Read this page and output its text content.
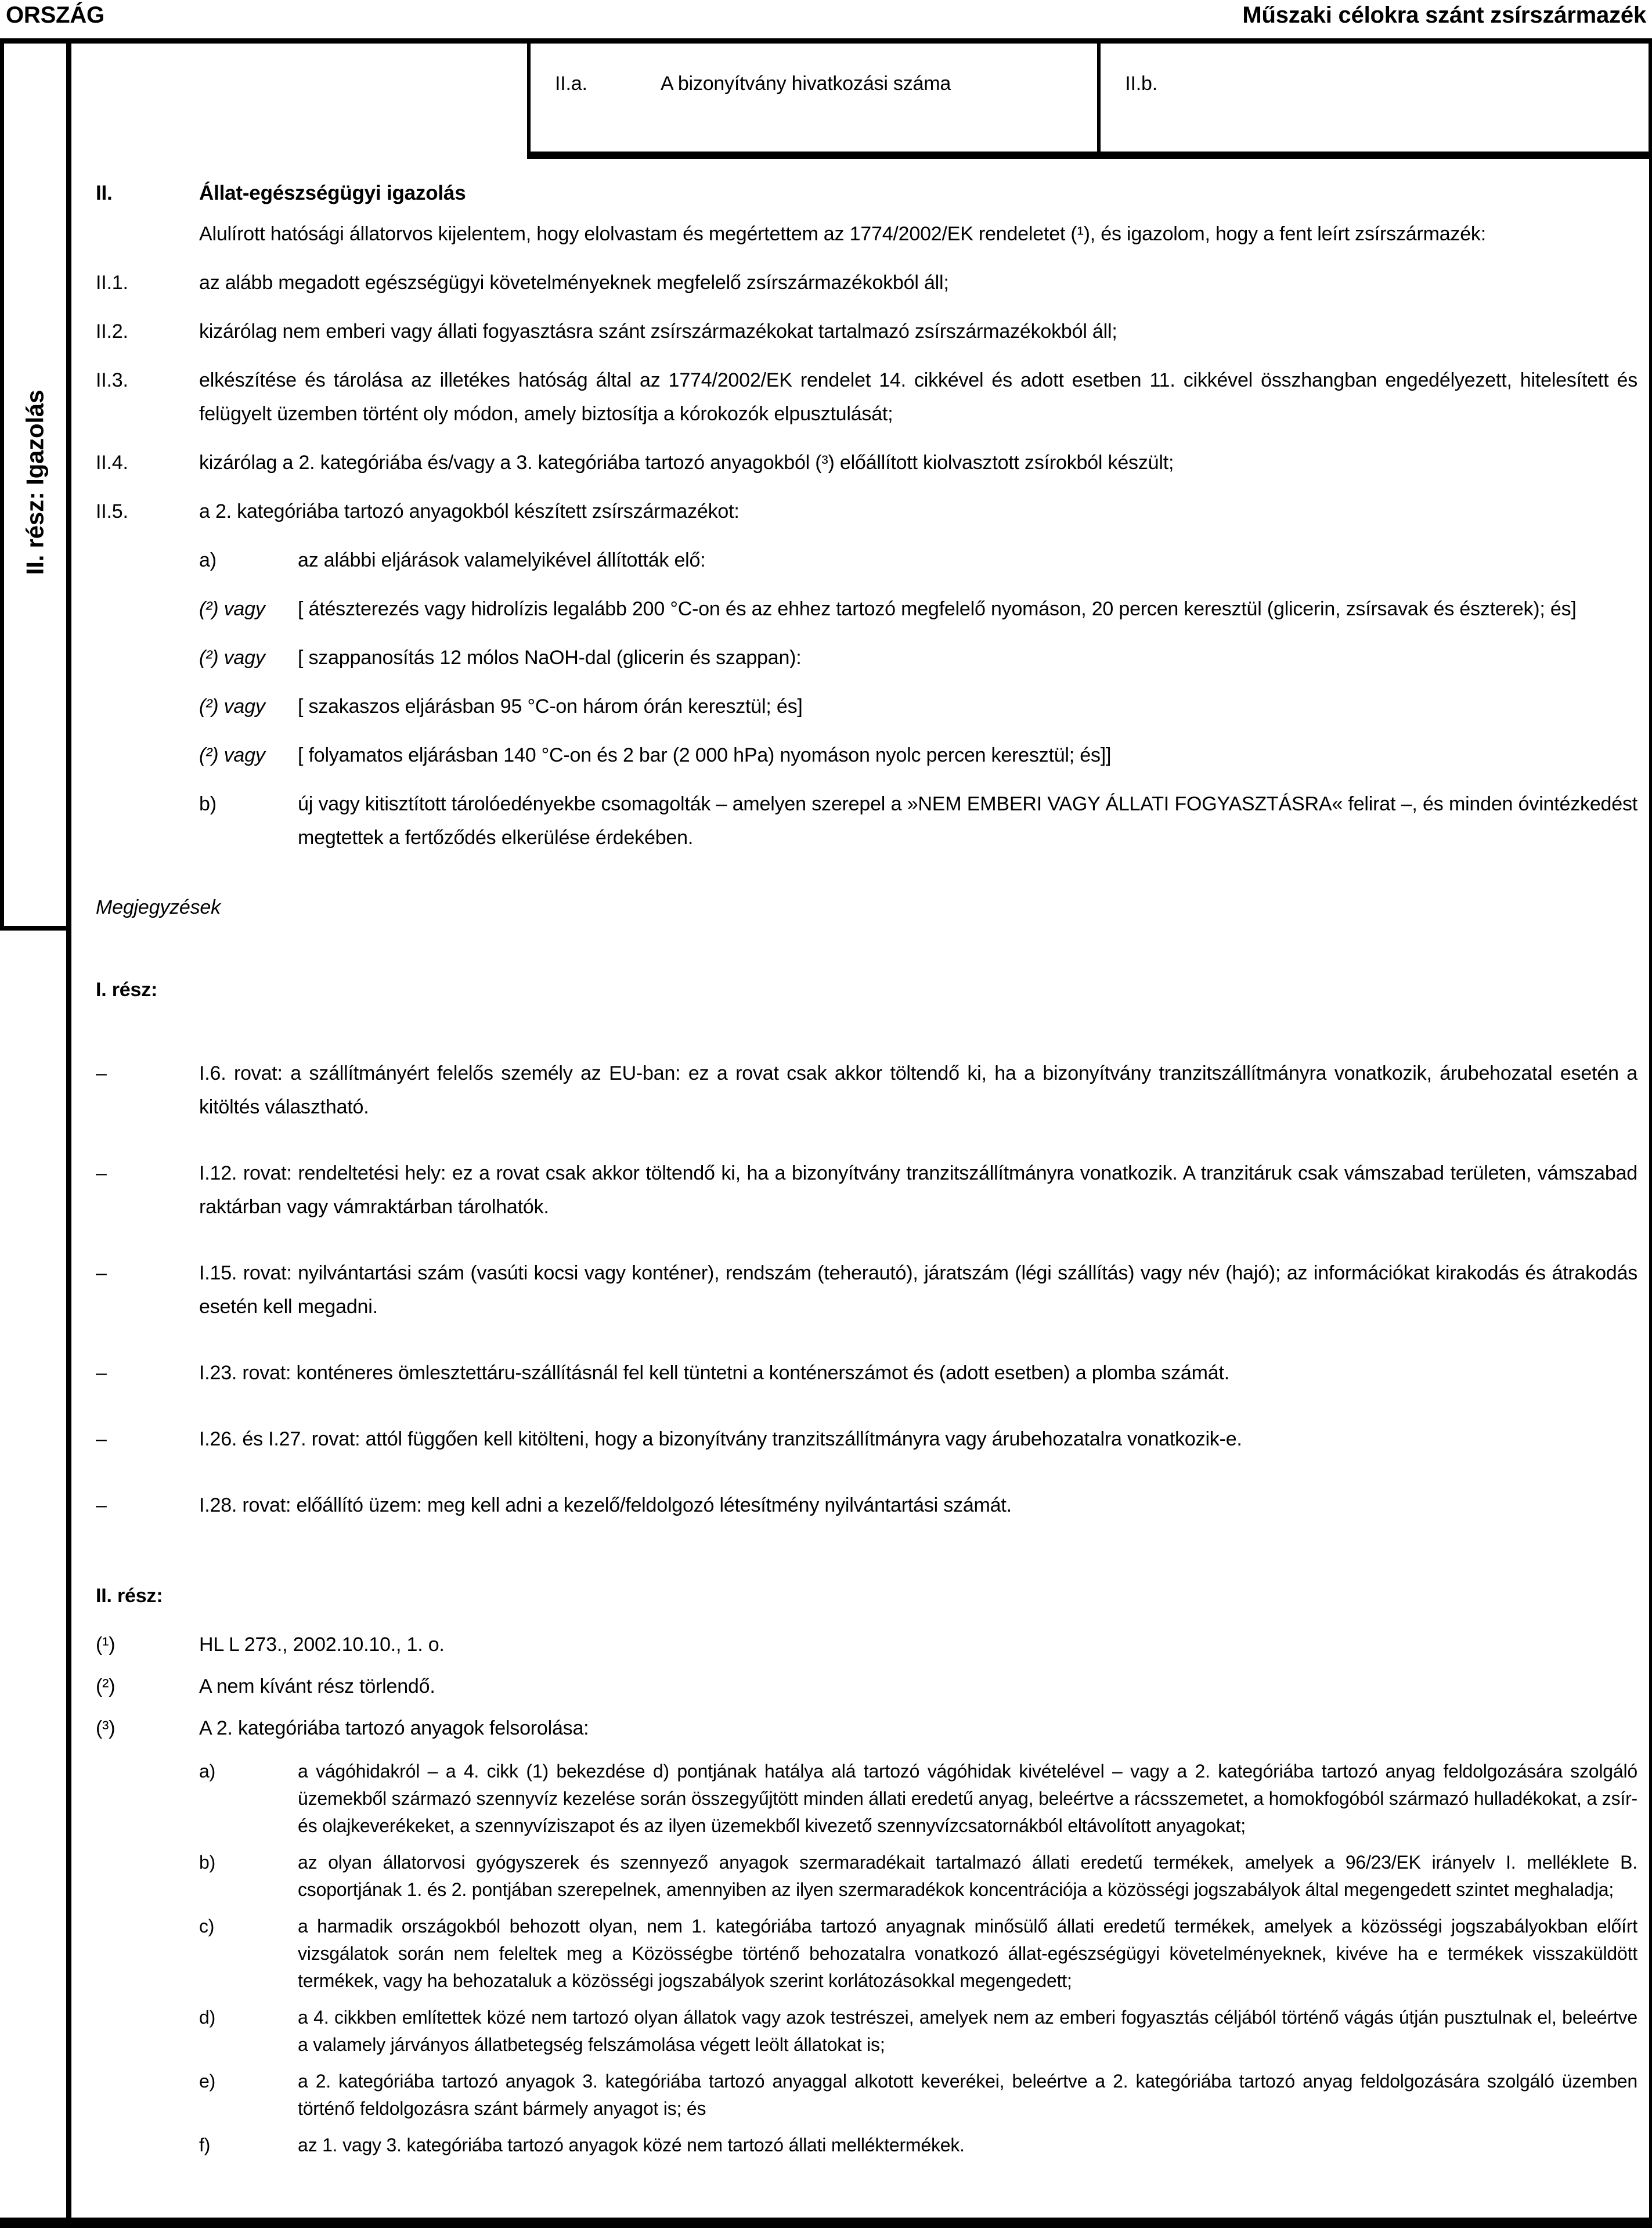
ORSZÁG	Műszaki célokra szánt zsírszármazék
II. rész: Igazolás
II.a.	A bizonyítvány hivatkozási száma	II.b.
II.	Állat-egészségügyi igazolás
Alulírott hatósági állatorvos kijelentem, hogy elolvastam és megértettem az 1774/2002/EK rendeletet (¹), és igazolom, hogy a fent leírt zsírszármazék:
II.1.	az alább megadott egészségügyi követelményeknek megfelelő zsírszármazékokból áll;
II.2.	kizárólag nem emberi vagy állati fogyasztásra szánt zsírszármazékokat tartalmazó zsírszármazékokból áll;
II.3.	elkészítése és tárolása az illetékes hatóság által az 1774/2002/EK rendelet 14. cikkével és adott esetben 11. cikkével összhangban engedélyezett, hitelesített és felügyelt üzemben történt oly módon, amely biztosítja a kórokozók elpusztulását;
II.4.	kizárólag a 2. kategóriába és/vagy a 3. kategóriába tartozó anyagokból (³) előállított kiolvasztott zsírokból készült;
II.5.	a 2. kategóriába tartozó anyagokból készített zsírszármazékot:
a)	az alábbi eljárások valamelyikével állították elő:
(²) vagy	[ átészterezés vagy hidrolízis legalább 200 °C-on és az ehhez tartozó megfelelő nyomáson, 20 percen keresztül (glicerin, zsírsavak és észterek); és]
(²) vagy	[ szappanosítás 12 mólos NaOH-dal (glicerin és szappan):
(²) vagy	[ szakaszos eljárásban 95 °C-on három órán keresztül; és]
(²) vagy	[ folyamatos eljárásban 140 °C-on és 2 bar (2 000 hPa) nyomáson nyolc percen keresztül; és]]
b)	új vagy kitisztított tárolóedényekbe csomagolták – amelyen szerepel a »NEM EMBERI VAGY ÁLLATI FOGYASZTÁSRA« felirat –, és minden óvintézkedést megtettek a fertőződés elkerülése érdekében.
Megjegyzések
I. rész:
–	I.6. rovat: a szállítmányért felelős személy az EU-ban: ez a rovat csak akkor töltendő ki, ha a bizonyítvány tranzitszállítmányra vonatkozik, árubehozatal esetén a kitöltés választható.
–	I.12. rovat: rendeltetési hely: ez a rovat csak akkor töltendő ki, ha a bizonyítvány tranzitszállítmányra vonatkozik. A tranzitáruk csak vámszabad területen, vámszabad raktárban vagy vámraktárban tárolhatók.
–	I.15. rovat: nyilvántartási szám (vasúti kocsi vagy konténer), rendszám (teherautó), járatszám (légi szállítás) vagy név (hajó); az információkat kirakodás és átrakodás esetén kell megadni.
–	I.23. rovat: konténeres ömlesztettáru-szállításnál fel kell tüntetni a konténerszámot és (adott esetben) a plomba számát.
–	I.26. és I.27. rovat: attól függően kell kitölteni, hogy a bizonyítvány tranzitszállítmányra vagy árubehozatalra vonatkozik-e.
–	I.28. rovat: előállító üzem: meg kell adni a kezelő/feldolgozó létesítmény nyilvántartási számát.
II. rész:
(¹)	HL L 273., 2002.10.10., 1. o.
(²)	A nem kívánt rész törlendő.
(³)	A 2. kategóriába tartozó anyagok felsorolása:
a)	a vágóhidakról – a 4. cikk (1) bekezdése d) pontjának hatálya alá tartozó vágóhidak kivételével – vagy a 2. kategóriába tartozó anyag feldolgozására szolgáló üzemekből származó szennyvíz kezelése során összegyűjtött minden állati eredetű anyag, beleértve a rácsszemetet, a homokfogóból származó hulladékokat, a zsír- és olajkeverékeket, a szennyvíziszapot és az ilyen üzemekből kivezető szennyvízcsatornákból eltávolított anyagokat;
b)	az olyan állatorvosi gyógyszerek és szennyező anyagok szermaradékait tartalmazó állati eredetű termékek, amelyek a 96/23/EK irányelv I. melléklete B. csoportjának 1. és 2. pontjában szerepelnek, amennyiben az ilyen szermaradékok koncentrációja a közösségi jogszabályok által megengedett szintet meghaladja;
c)	a harmadik országokból behozott olyan, nem 1. kategóriába tartozó anyagnak minősülő állati eredetű termékek, amelyek a közösségi jogszabályokban előírt vizsgálatok során nem feleltek meg a Közösségbe történő behozatalra vonatkozó állat-egészségügyi követelményeknek, kivéve ha e termékek visszaküldött termékek, vagy ha behozataluk a közösségi jogszabályok szerint korlátozásokkal megengedett;
d)	a 4. cikkben említettek közé nem tartozó olyan állatok vagy azok testrészei, amelyek nem az emberi fogyasztás céljából történő vágás útján pusztulnak el, beleértve a valamely járványos állatbetegség felszámolása végett leölt állatokat is;
e)	a 2. kategóriába tartozó anyagok 3. kategóriába tartozó anyaggal alkotott keverékei, beleértve a 2. kategóriába tartozó anyag feldolgozására szolgáló üzemben történő feldolgozásra szánt bármely anyagot is; és
f)	az 1. vagy 3. kategóriába tartozó anyagok közé nem tartozó állati melléktermékek.
